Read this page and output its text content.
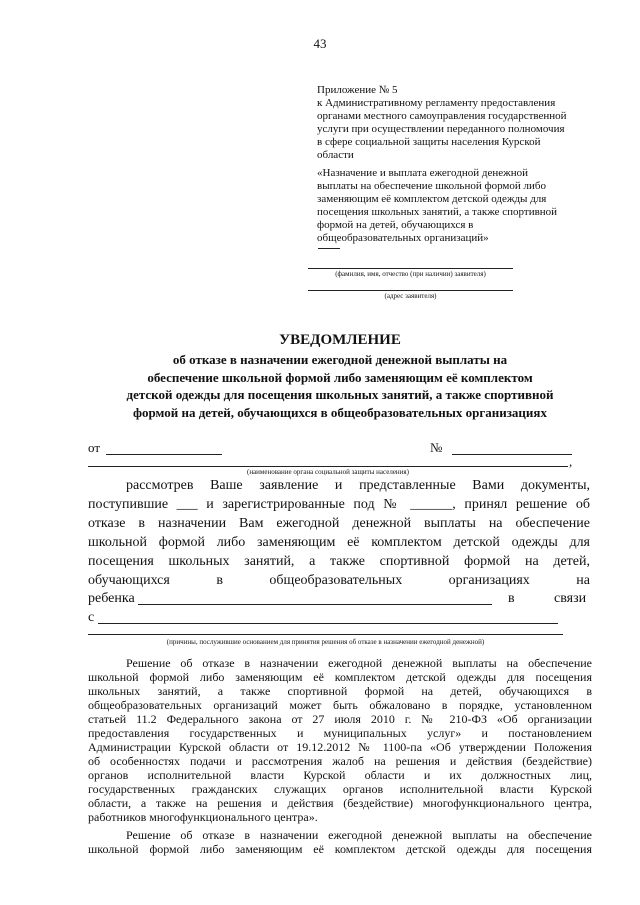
43

Приложение № 5

к Административному регламенту предоставления

органами местного самоуправления государственной

услуги при осуществлении переданного полномочия

в сфере социальной защиты населения Курской

области

«Назначение и выплата ежегодной денежной

выплаты на обеспечение школьной формой либо

заменяющим её комплектом детской одежды для

посещения школьных занятий, а также спортивной

формой на детей, обучающихся в

общеобразовательных организаций»

(фамилия, имя, отчество (при наличии) заявителя)
(адрес заявителя)
УВЕДОМЛЕНИЕ
об отказе в назначении ежегодной денежной выплаты на
обеспечение школьной формой либо заменяющим её комплектом
детской одежды для посещения школьных занятий, а также спортивной
формой на детей, обучающихся в общеобразовательных организациях
от	№
,
(наименование органа социальной защиты населения)
рассмотрев Ваше заявление и представленные Вами документы,
поступившие ___ и зарегистрированные под № ______, принял решение об
отказе в назначении Вам ежегодной денежной выплаты на обеспечение
школьной формой либо заменяющим её комплектом детской одежды для
посещения школьных занятий, а также спортивной формой на детей,
обучающихся в общеобразовательных организациях на
ребенка	в	связи
с
(причины, послужившие основанием для принятия решения об отказе в назначении ежегодной денежной)
Решение об отказе в назначении ежегодной денежной выплаты на обеспечение
школьной формой либо заменяющим её комплектом детской одежды для посещения
школьных занятий, а также спортивной формой на детей, обучающихся в
общеобразовательных организаций может быть обжаловано в порядке, установленном
статьей 11.2 Федерального закона от 27 июля 2010 г. № 210-ФЗ «Об организации
предоставления государственных и муниципальных услуг» и постановлением
Администрации Курской области от 19.12.2012 № 1100-па «Об утверждении Положения
об особенностях подачи и рассмотрения жалоб на решения и действия (бездействие)
органов исполнительной власти Курской области и их должностных лиц,
государственных гражданских служащих органов исполнительной власти Курской
области, а также на решения и действия (бездействие) многофункционального центра,
работников многофункционального центра».
Решение об отказе в назначении ежегодной денежной выплаты на обеспечение
школьной формой либо заменяющим её комплектом детской одежды для посещения
